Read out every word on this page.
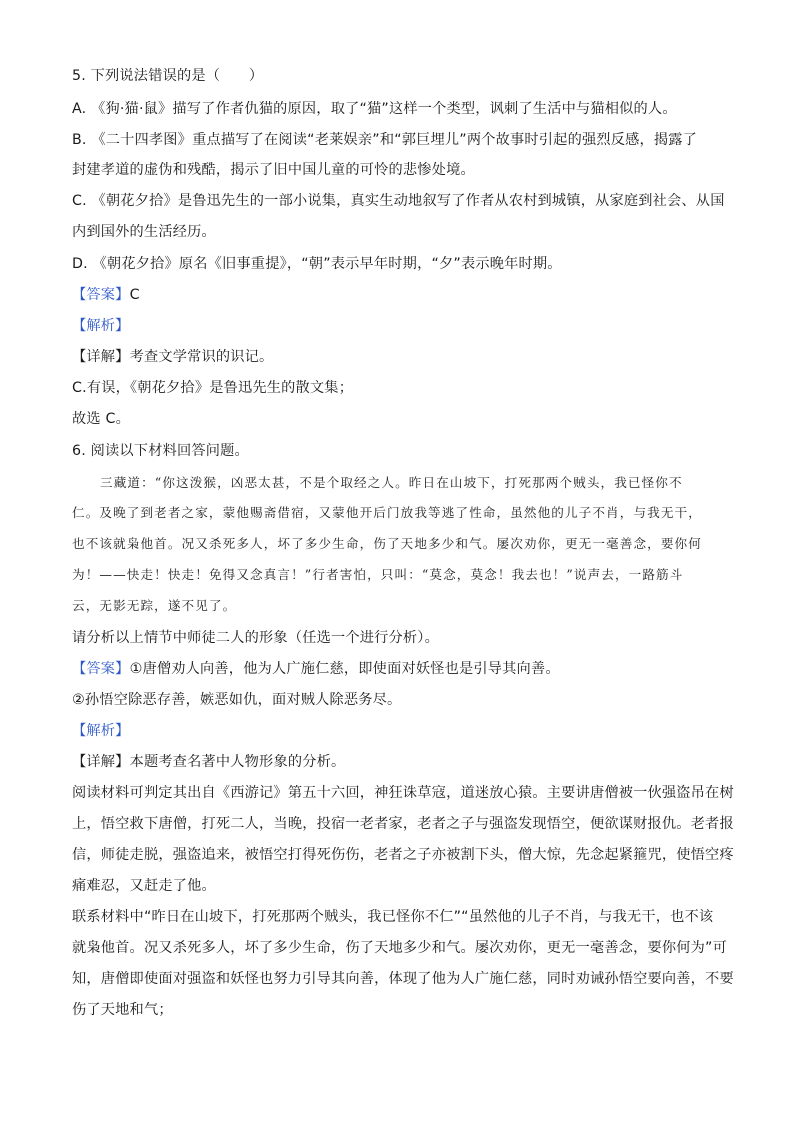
5. 下列说法错误的是（　　）
A. 《狗·猫·鼠》描写了作者仇猫的原因，取了“猫”这样一个类型，讽刺了生活中与猫相似的人。
B. 《二十四孝图》重点描写了在阅读“老莱娱亲”和“郭巨埋儿”两个故事时引起的强烈反感，揭露了
封建孝道的虚伪和残酷，揭示了旧中国儿童的可怜的悲惨处境。
C. 《朝花夕拾》是鲁迅先生的一部小说集，真实生动地叙写了作者从农村到城镇，从家庭到社会、从国
内到国外的生活经历。
D. 《朝花夕拾》原名《旧事重提》，“朝”表示早年时期，“夕”表示晚年时期。
【答案】C
【解析】
【详解】考查文学常识的识记。
C.有误，《朝花夕拾》是鲁迅先生的散文集；
故选 C。
6. 阅读以下材料回答问题。
三藏道：“你这泼猴，凶恶太甚，不是个取经之人。昨日在山坡下，打死那两个贼头，我已怪你不
仁。及晚了到老者之家，蒙他赐斋借宿，又蒙他开后门放我等逃了性命，虽然他的儿子不肖，与我无干，
也不该就枭他首。况又杀死多人，坏了多少生命，伤了天地多少和气。屡次劝你，更无一毫善念，要你何
为！——快走！快走！免得又念真言！”行者害怕，只叫：“莫念，莫念！我去也！”说声去，一路筋斗
云，无影无踪，遂不见了。
请分析以上情节中师徒二人的形象（任选一个进行分析）。
【答案】①唐僧劝人向善，他为人广施仁慈，即使面对妖怪也是引导其向善。
②孙悟空除恶存善，嫉恶如仇，面对贼人除恶务尽。
【解析】
【详解】本题考查名著中人物形象的分析。
阅读材料可判定其出自《西游记》第五十六回，神狂诛草寇，道迷放心猿。主要讲唐僧被一伙强盗吊在树
上，悟空救下唐僧，打死二人，当晚，投宿一老者家，老者之子与强盗发现悟空，便欲谋财报仇。老者报
信，师徒走脱，强盗追来，被悟空打得死伤伤，老者之子亦被割下头，僧大惊，先念起紧箍咒，使悟空疼
痛难忍，又赶走了他。
联系材料中“昨日在山坡下，打死那两个贼头，我已怪你不仁”“虽然他的儿子不肖，与我无干，也不该
就枭他首。况又杀死多人，坏了多少生命，伤了天地多少和气。屡次劝你，更无一毫善念，要你何为”可
知，唐僧即使面对强盗和妖怪也努力引导其向善，体现了他为人广施仁慈，同时劝诫孙悟空要向善，不要
伤了天地和气；
